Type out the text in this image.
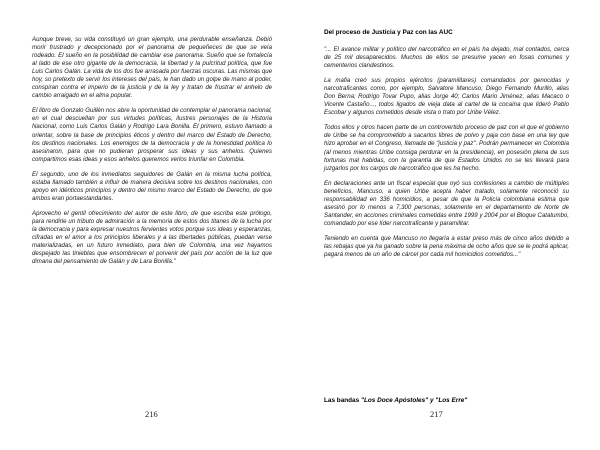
Aunque breve, su vida constituyó un gran ejemplo, una perdurable enseñanza. Debió morir frustrado y decepcionado por el panorama de pequeñeces de que se veía rodeado. El sueño en la posibilidad de cambiar ese panorama. Sueño que se fortalecía al lado de ese otro gigante de la democracia, la libertad y la pulcritud política, que fue Luis Carlos Galán. La vida de los dos fue arrasada por fuerzas oscuras. Las mismas que hoy, so pretexto de servir los intereses del país, le han dado un golpe de mano al poder, conspiran contra el imperio de la justicia y de la ley y tratan de frustrar el anhelo de cambio arraigado en el alma popular.

El libro de Gonzalo Guillén nos abre la oportunidad de contemplar el panorama nacional, en el cual descuellan por sus virtudes políticas, ilustres personajes de la Historia Nacional, como Luis Carlos Galán y Rodrigo Lara Bonilla. El primero, estuvo llamado a orientar, sobre la base de principios éticos y dentro del marco del Estado de Derecho, los destinos nacionales. Los enemigos de la democracia y de la honestidad política lo asesinaron, para que no pudieran prosperar sus ideas y sus anhelos. Quienes compartimos esas ideas y esos anhelos queremos verlos triunfar en Colombia.

El segundo, uno de los inmediatos seguidores de Galán en la misma lucha política, estaba llamado también a influir de manera decisiva sobre los destinos nacionales, con apoyo en idénticos principios y dentro del mismo marco del Estado de Derecho, de que ambos eran portaestandartes.

Aprovecho el gentil ofrecimiento del autor de este libro, de que escriba este prólogo, para rendirle un tributo de admiración a la memoria de estos dos titanes de la lucha por la democracia y para expresar nuestros fervientes votos porque sus ideas y esperanzas, cifradas en el amor a los principios liberales y a las libertades públicas, puedan verse materializadas, en un futuro inmediato, para bien de Colombia, una vez hayamos despejado las tinieblas que ensombrecen el porvenir del país por acción de la luz que dimana del pensamiento de Galán y de Lara Bonilla."

216
Del proceso de Justicia y Paz con las AUC

"... El avance militar y político del narcotráfico en el país ha dejado, mal contados, cerca de 25 mil desaparecidos. Muchos de ellos se presume yacen en fosas comunes y cementerios clandestinos.

La mafia creó sus propios ejércitos (paramilitares) comandados por genocidas y narcotraficantes como, por ejemplo, Salvatore Mancuso; Diego Fernando Murillo, alias Don Berna; Rodrigo Tovar Pupo, alias Jorge 40; Carlos Mario Jiménez, alias Macaco o Vicente Castaño..., todos ligados de vieja data al cartel de la cocaína que lideró Pablo Escobar y algunos cometidos desde vista o trato por Uribe Vélez.

Todos ellos y otros hacen parte de un controvertido proceso de paz con el que el gobierno de Uribe se ha comprometido a sacarlos libres de polvo y paja con base en una ley que hizo aprobar en el Congreso, llamada de "justicia y paz". Podrán permanecer en Colombia (al menos mientras Uribe consiga perdurar en la presidencia), en posesión plena de sus fortunas mal habidas, con la garantía de que Estados Unidos no se les llevará para juzgarlos por los cargos de narcotráfico que les ha hecho.

En declaraciones ante un fiscal especial que oyó sus confesiones a cambio de múltiples beneficios, Mancuso, a quien Uribe acepta haber tratado, solamente reconoció su responsabilidad en 336 homicidios, a pesar de que la Policía colombiana estima que asesinó por lo menos a 7,300 personas, solamente en el departamento de Norte de Santander, en acciones criminales cometidas entre 1999 y 2004 por el Bloque Catatumbo, comandado por ese líder narcotraficante y paramilitar.

Teniendo en cuenta que Mancuso no llegaría a estar preso más de cinco años debido a las rebajas que ya ha ganado sobre la pena máxima de ocho años que se le podrá aplicar, pagará menos de un año de cárcel por cada mil homicidios cometidos..."

Las bandas "Los Doce Apóstoles" y "Los Erre"
217
